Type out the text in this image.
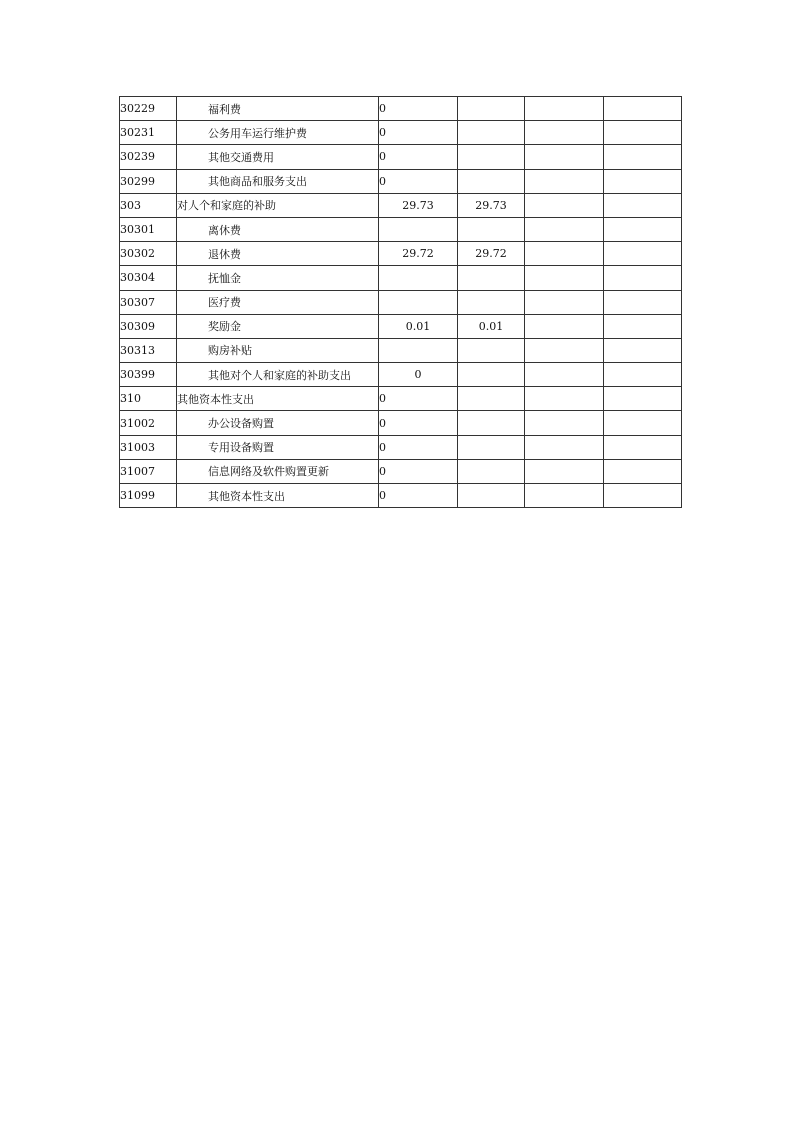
30229	福利费	0			
30231	公务用车运行维护费	0			
30239	其他交通费用	0			
30299	其他商品和服务支出	0			
303	对人个和家庭的补助	29.73	29.73		
30301	离休费				
30302	退休费	29.72	29.72		
30304	抚恤金				
30307	医疗费				
30309	奖励金	0.01	0.01		
30313	购房补贴				
30399	其他对个人和家庭的补助支出	0			
310	其他资本性支出	0			
31002	办公设备购置	0			
31003	专用设备购置	0			
31007	信息网络及软件购置更新	0			
31099	其他资本性支出	0			
